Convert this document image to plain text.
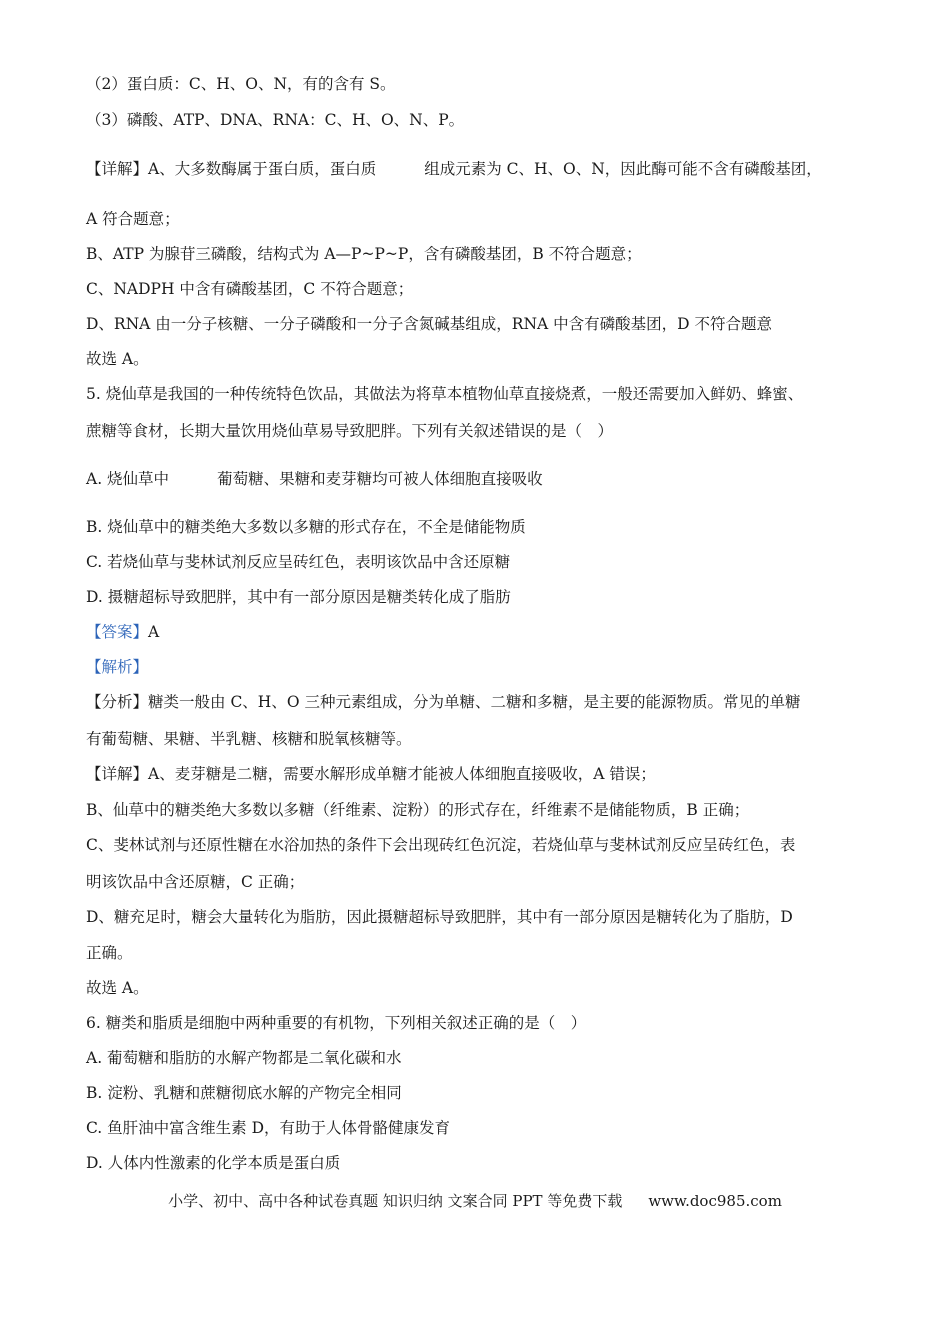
（2）蛋白质：C、H、O、N，有的含有 S。
（3）磷酸、ATP、DNA、RNA：C、H、O、N、P。
【详解】A、大多数酶属于蛋白质，蛋白质	组成元素为 C、H、O、N，因此酶可能不含有磷酸基团，
A 符合题意；
B、ATP 为腺苷三磷酸，结构式为 A—P~P~P，含有磷酸基团，B 不符合题意；
C、NADPH 中含有磷酸基团，C 不符合题意；
D、RNA 由一分子核糖、一分子磷酸和一分子含氮碱基组成，RNA 中含有磷酸基团，D 不符合题意
故选 A。
5. 烧仙草是我国的一种传统特色饮品，其做法为将草本植物仙草直接烧煮，一般还需要加入鲜奶、蜂蜜、
蔗糖等食材，长期大量饮用烧仙草易导致肥胖。下列有关叙述错误的是（　）
A. 烧仙草中	葡萄糖、果糖和麦芽糖均可被人体细胞直接吸收
B. 烧仙草中的糖类绝大多数以多糖的形式存在，不全是储能物质
C. 若烧仙草与斐林试剂反应呈砖红色，表明该饮品中含还原糖
D. 摄糖超标导致肥胖，其中有一部分原因是糖类转化成了脂肪
【答案】A
【解析】
【分析】糖类一般由 C、H、O 三种元素组成，分为单糖、二糖和多糖，是主要的能源物质。常见的单糖
有葡萄糖、果糖、半乳糖、核糖和脱氧核糖等。
【详解】A、麦芽糖是二糖，需要水解形成单糖才能被人体细胞直接吸收，A 错误；
B、仙草中的糖类绝大多数以多糖（纤维素、淀粉）的形式存在，纤维素不是储能物质，B 正确；
C、斐林试剂与还原性糖在水浴加热的条件下会出现砖红色沉淀，若烧仙草与斐林试剂反应呈砖红色，表
明该饮品中含还原糖，C 正确；
D、糖充足时，糖会大量转化为脂肪，因此摄糖超标导致肥胖，其中有一部分原因是糖转化为了脂肪，D
正确。
故选 A。
6. 糖类和脂质是细胞中两种重要的有机物，下列相关叙述正确的是（　）
A. 葡萄糖和脂肪的水解产物都是二氧化碳和水
B. 淀粉、乳糖和蔗糖彻底水解的产物完全相同
C. 鱼肝油中富含维生素 D，有助于人体骨骼健康发育
D. 人体内性激素的化学本质是蛋白质
小学、初中、高中各种试卷真题 知识归纳 文案合同 PPT 等免费下载 www.doc985.com
